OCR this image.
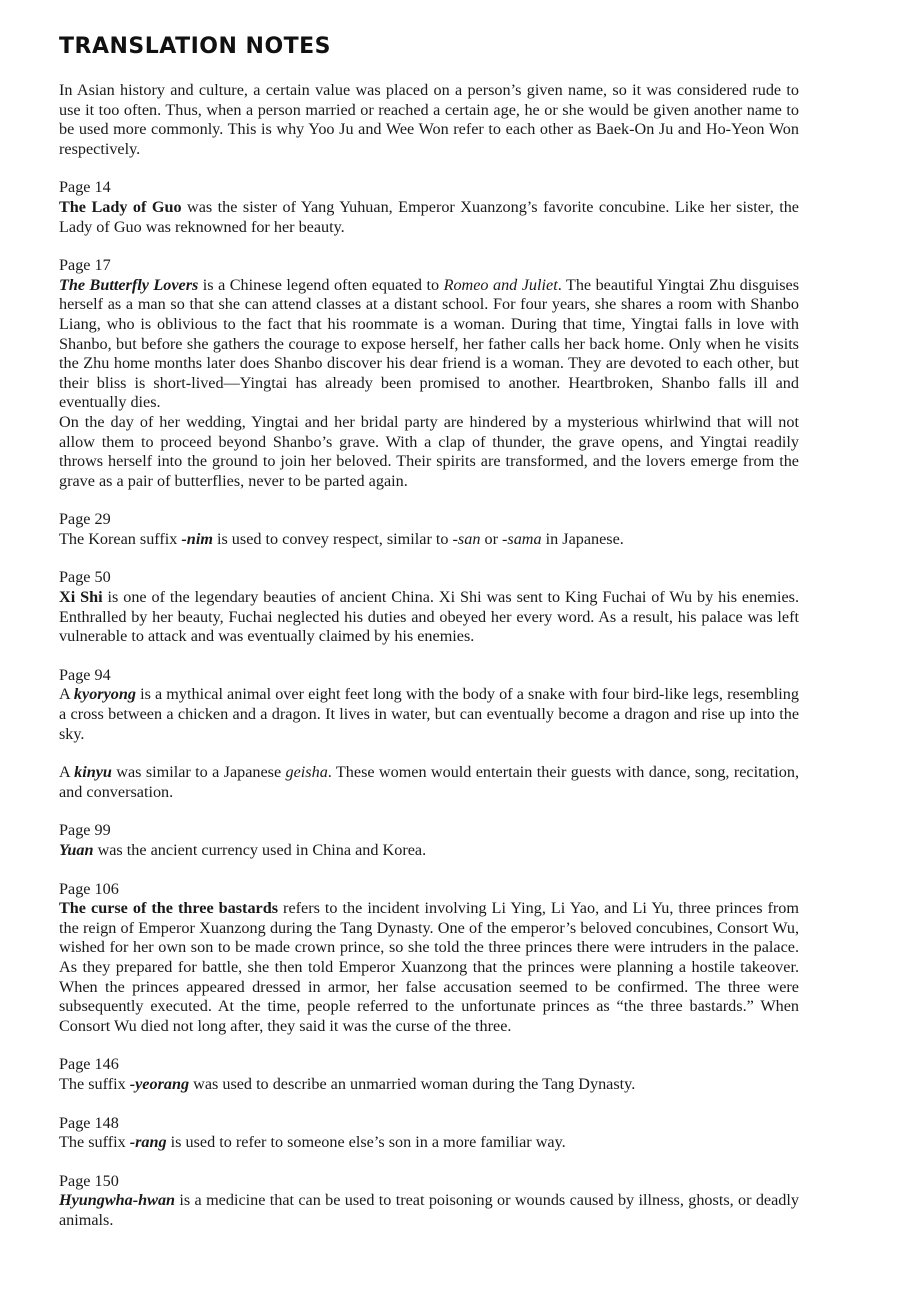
TRANSLATION NOTES

In Asian history and culture, a certain value was placed on a person’s given name, so it was considered rude to use it too often. Thus, when a person married or reached a certain age, he or she would be given another name to be used more commonly. This is why Yoo Ju and Wee Won refer to each other as Baek-On Ju and Ho-Yeon Won respectively.

Page 14

The Lady of Guo was the sister of Yang Yuhuan, Emperor Xuanzong’s favorite concubine. Like her sister, the Lady of Guo was reknowned for her beauty.

Page 17

The Butterfly Lovers is a Chinese legend often equated to Romeo and Juliet. The beautiful Yingtai Zhu disguises herself as a man so that she can attend classes at a distant school. For four years, she shares a room with Shanbo Liang, who is oblivious to the fact that his roommate is a woman. During that time, Yingtai falls in love with Shanbo, but before she gathers the courage to expose herself, her father calls her back home. Only when he visits the Zhu home months later does Shanbo discover his dear friend is a woman. They are devoted to each other, but their bliss is short-lived—Yingtai has already been promised to another. Heartbroken, Shanbo falls ill and eventually dies.

On the day of her wedding, Yingtai and her bridal party are hindered by a mysterious whirlwind that will not allow them to proceed beyond Shanbo’s grave. With a clap of thunder, the grave opens, and Yingtai readily throws herself into the ground to join her beloved. Their spirits are transformed, and the lovers emerge from the grave as a pair of butterflies, never to be parted again.

Page 29

The Korean suffix -nim is used to convey respect, similar to -san or -sama in Japanese.

Page 50

Xi Shi is one of the legendary beauties of ancient China. Xi Shi was sent to King Fuchai of Wu by his enemies. Enthralled by her beauty, Fuchai neglected his duties and obeyed her every word. As a result, his palace was left vulnerable to attack and was eventually claimed by his enemies.

Page 94

A kyoryong is a mythical animal over eight feet long with the body of a snake with four bird-like legs, resembling a cross between a chicken and a dragon. It lives in water, but can eventually become a dragon and rise up into the sky.

A kinyu was similar to a Japanese geisha. These women would entertain their guests with dance, song, recitation, and conversation.

Page 99

Yuan was the ancient currency used in China and Korea.

Page 106

The curse of the three bastards refers to the incident involving Li Ying, Li Yao, and Li Yu, three princes from the reign of Emperor Xuanzong during the Tang Dynasty. One of the emperor’s beloved concubines, Consort Wu, wished for her own son to be made crown prince, so she told the three princes there were intruders in the palace. As they prepared for battle, she then told Emperor Xuanzong that the princes were planning a hostile takeover. When the princes appeared dressed in armor, her false accusation seemed to be confirmed. The three were subsequently executed. At the time, people referred to the unfortunate princes as “the three bastards.” When Consort Wu died not long after, they said it was the curse of the three.

Page 146

The suffix -yeorang was used to describe an unmarried woman during the Tang Dynasty.

Page 148

The suffix -rang is used to refer to someone else’s son in a more familiar way.

Page 150

Hyungwha-hwan is a medicine that can be used to treat poisoning or wounds caused by illness, ghosts, or deadly animals.
